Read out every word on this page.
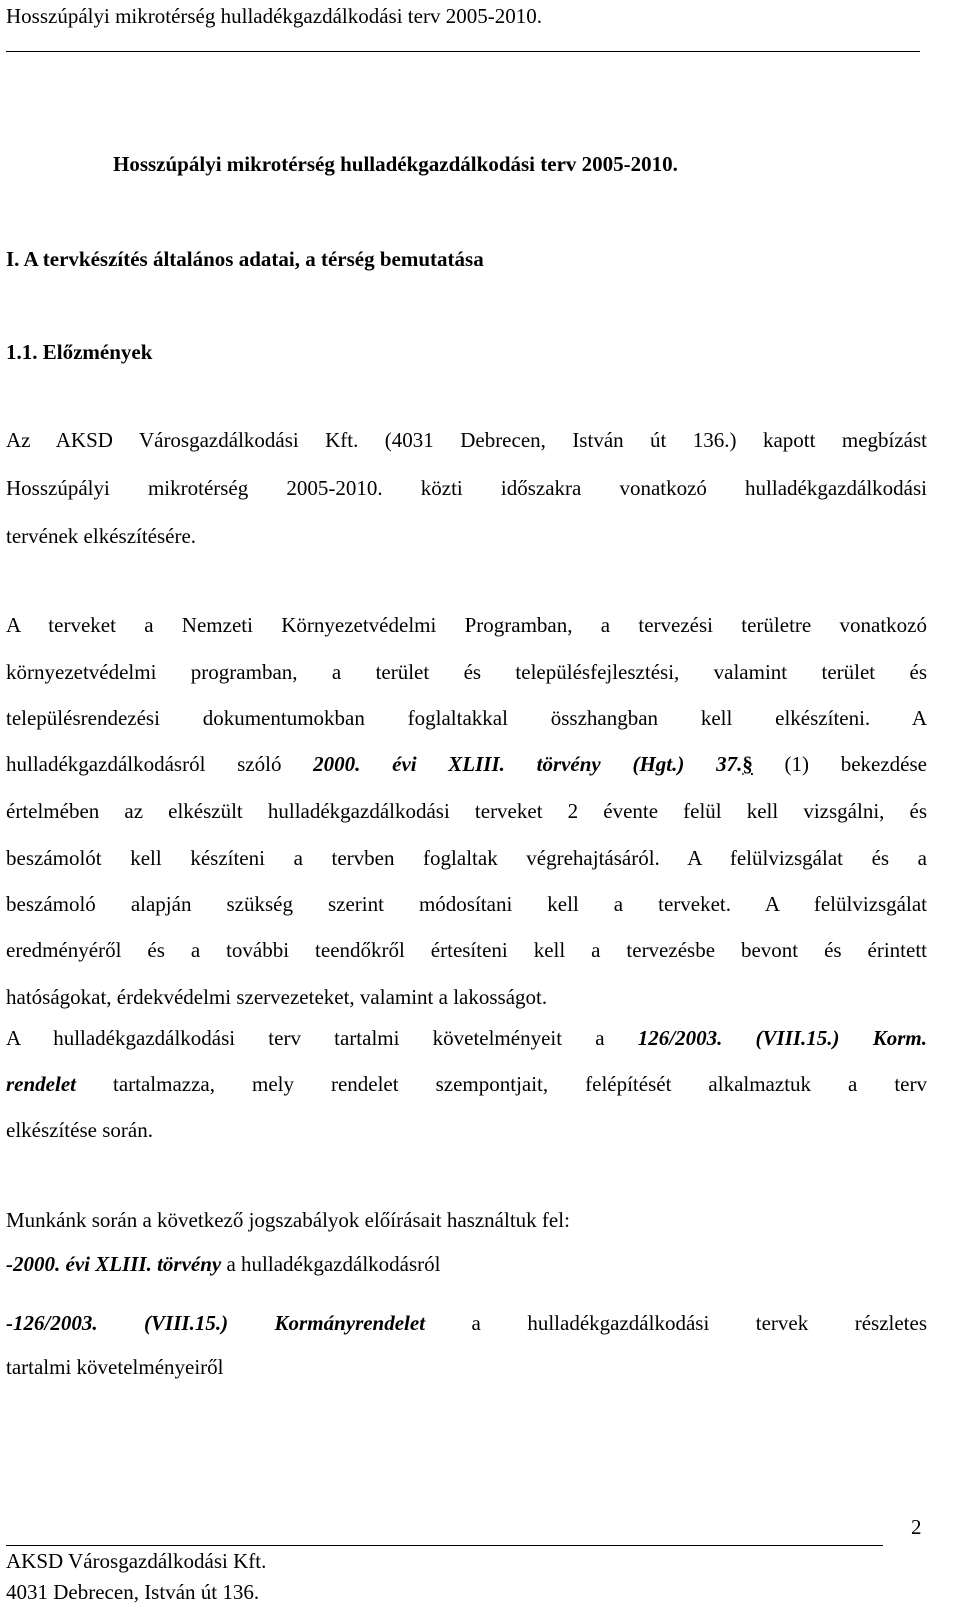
Hosszúpályi mikrotérség hulladékgazdálkodási terv 2005-2010.
Hosszúpályi mikrotérség hulladékgazdálkodási terv 2005-2010.
I. A tervkészítés általános adatai, a térség bemutatása
1.1. Előzmények
Az AKSD Városgazdálkodási Kft. (4031 Debrecen, István út 136.) kapott megbízást
Hosszúpályi mikrotérség 2005-2010. közti időszakra vonatkozó hulladékgazdálkodási
tervének elkészítésére.
A terveket a Nemzeti Környezetvédelmi Programban, a tervezési területre vonatkozó
környezetvédelmi programban, a terület és településfejlesztési, valamint terület és
településrendezési dokumentumokban foglaltakkal összhangban kell elkészíteni. A
hulladékgazdálkodásról szóló 2000. évi XLIII. törvény (Hgt.) 37.§ (1) bekezdése
értelmében az elkészült hulladékgazdálkodási terveket 2 évente felül kell vizsgálni, és
beszámolót kell készíteni a tervben foglaltak végrehajtásáról. A felülvizsgálat és a
beszámoló alapján szükség szerint módosítani kell a terveket. A felülvizsgálat
eredményéről és a további teendőkről értesíteni kell a tervezésbe bevont és érintett
hatóságokat, érdekvédelmi szervezeteket, valamint a lakosságot.
A hulladékgazdálkodási terv tartalmi követelményeit a 126/2003. (VIII.15.) Korm.
rendelet tartalmazza, mely rendelet szempontjait, felépítését alkalmaztuk a terv
elkészítése során.
Munkánk során a következő jogszabályok előírásait használtuk fel:
-2000. évi XLIII. törvény a hulladékgazdálkodásról
-126/2003. (VIII.15.) Kormányrendelet a hulladékgazdálkodási tervek részletes
tartalmi követelményeiről
2
AKSD Városgazdálkodási Kft.
4031 Debrecen, István út 136.
